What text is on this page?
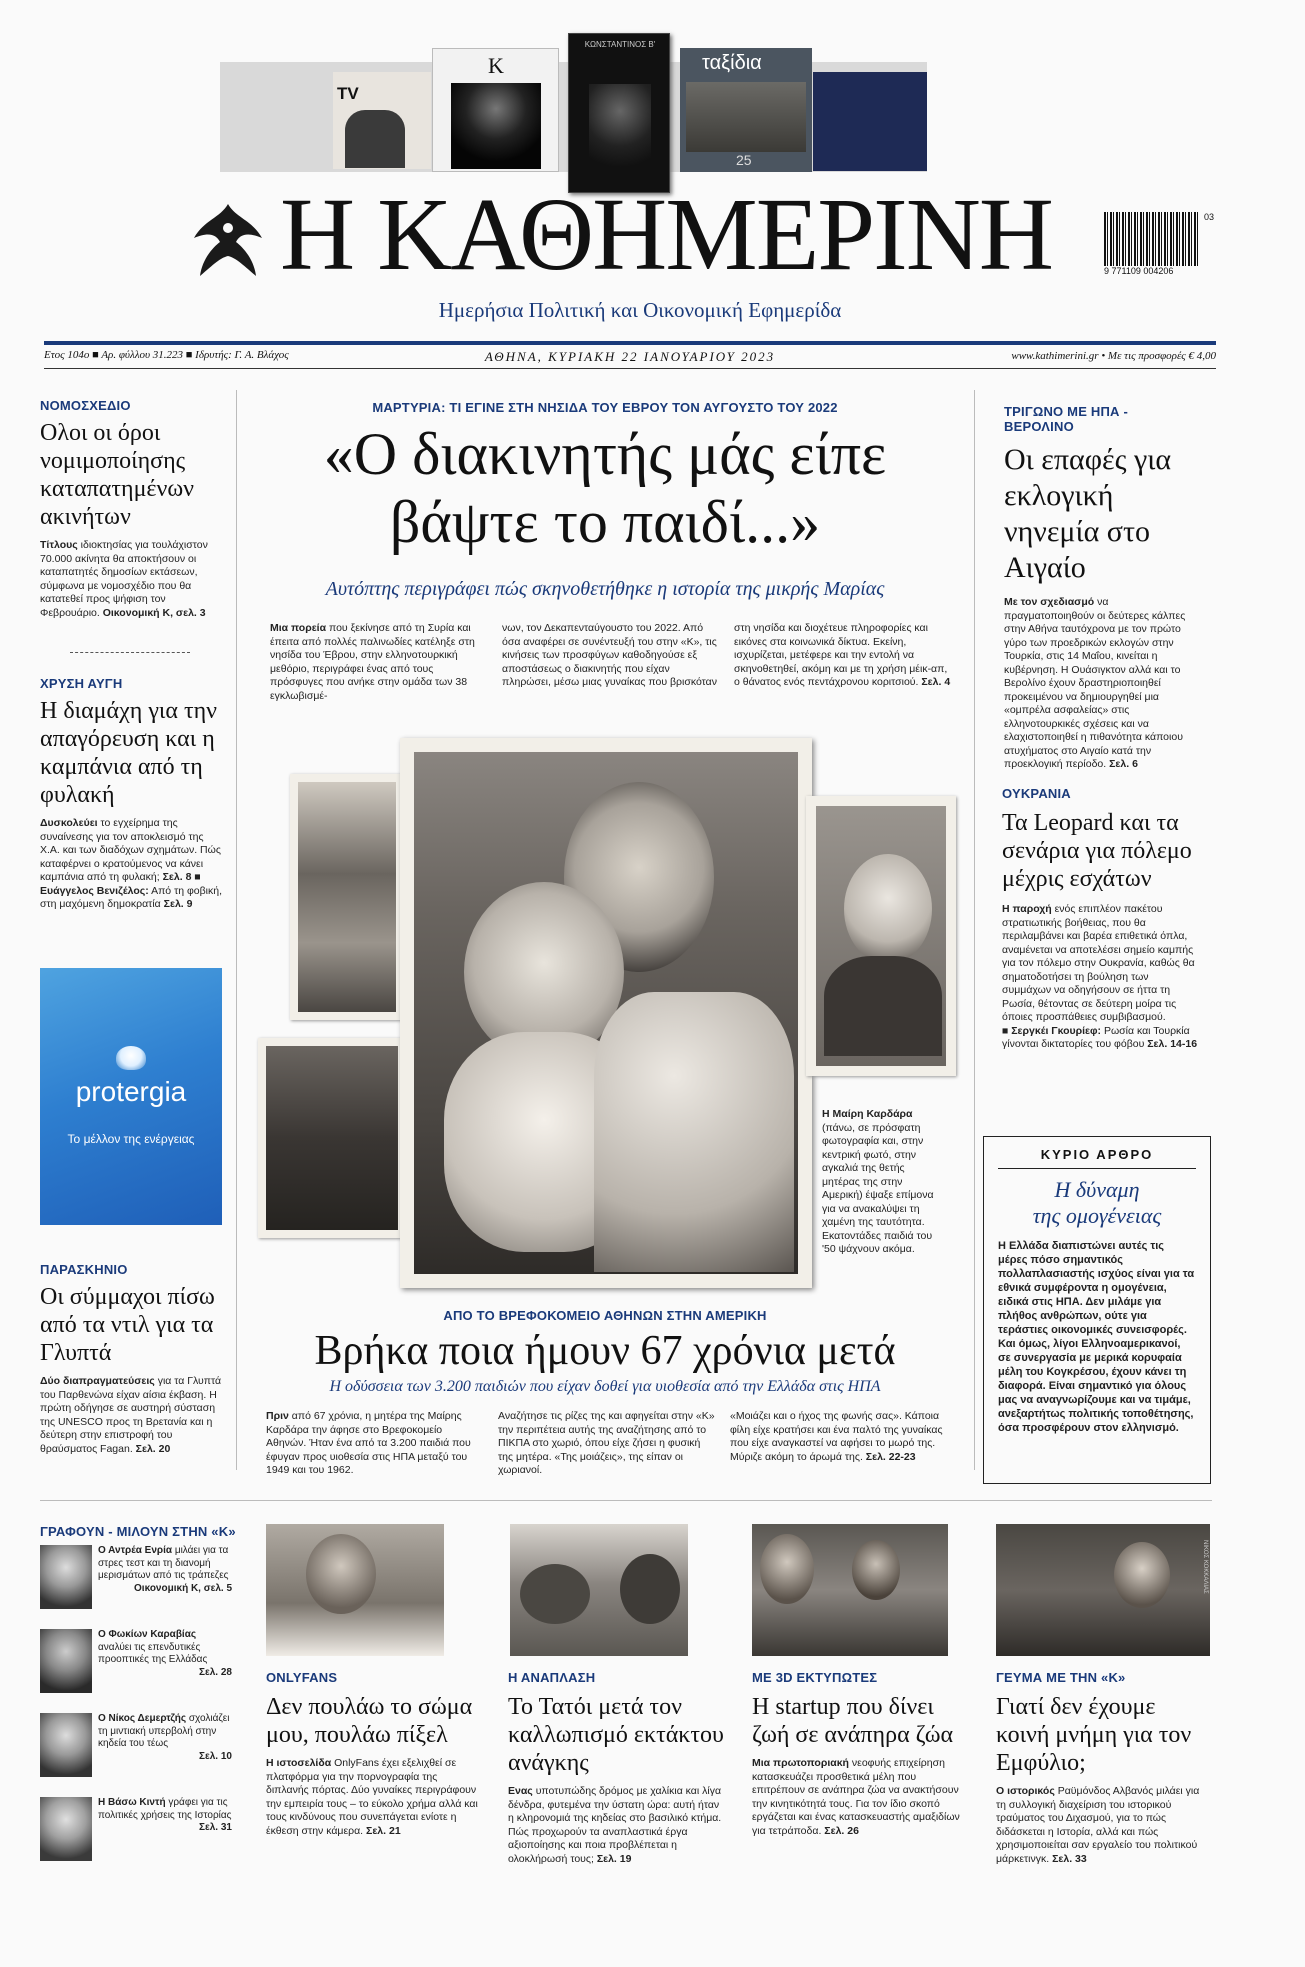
TV
K
ΚΩΝΣΤΑΝΤΙΝΟΣ Β'
ταξίδια
25
Η ΚΑΘΗΜΕΡΙΝΗ	9 771109 004206
03
Ημερήσια Πολιτική και Οικονομική Εφημερίδα
Ετος 104ο ■ Αρ. φύλλου 31.223 ■ Ιδρυτής: Γ. Α. Βλάχος	ΑΘΗΝΑ, ΚΥΡΙΑΚΗ 22 ΙΑΝΟΥΑΡΙΟΥ 2023	www.kathimerini.gr • Με τις προσφορές € 4,00
ΝΟΜΟΣΧΕΔΙΟ
Ολοι οι όροι νομιμοποίησης καταπατημένων ακινήτων
Τίτλους ιδιοκτησίας για τουλάχιστον 70.000 ακίνητα θα αποκτήσουν οι καταπατητές δημοσίων εκτάσεων, σύμφωνα με νομοσχέδιο που θα κατατεθεί προς ψήφιση τον Φεβρουάριο. Οικονομική Κ, σελ. 3
ΧΡΥΣΗ ΑΥΓΗ
Η διαμάχη για την απαγόρευση και η καμπάνια από τη φυλακή
Δυσκολεύει το εγχείρημα της συναίνεσης για τον αποκλεισμό της Χ.Α. και των διαδόχων σχημάτων. Πώς καταφέρνει ο κρατούμενος να κάνει καμπάνια από τη φυλακή; Σελ. 8 ■ Ευάγγελος Βενιζέλος: Από τη φοβική, στη μαχόμενη δημοκρατία Σελ. 9
protergia
Το μέλλον της ενέργειας
ΠΑΡΑΣΚΗΝΙΟ
Οι σύμμαχοι πίσω από τα ντιλ για τα Γλυπτά
Δύο διαπραγματεύσεις για τα Γλυπτά του Παρθενώνα είχαν αίσια έκβαση. Η πρώτη οδήγησε σε αυστηρή σύσταση της UNESCO προς τη Βρετανία και η δεύτερη στην επιστροφή του θραύσματος Fagan. Σελ. 20
ΜΑΡΤΥΡΙΑ: ΤΙ ΕΓΙΝΕ ΣΤΗ ΝΗΣΙΔΑ ΤΟΥ ΕΒΡΟΥ ΤΟΝ ΑΥΓΟΥΣΤΟ ΤΟΥ 2022
«Ο διακινητής μάς είπε
βάψτε το παιδί...»
Αυτόπτης περιγράφει πώς σκηνοθετήθηκε η ιστορία της μικρής Μαρίας
Μια πορεία που ξεκίνησε από τη Συρία και έπειτα από πολλές παλινωδίες κατέληξε στη νησίδα του Έβρου, στην ελληνοτουρκική μεθόριο, περιγράφει ένας από τους πρόσφυγες που ανήκε στην ομάδα των 38 εγκλωβισμέ-
νων, τον Δεκαπενταύγουστο του 2022. Από όσα αναφέρει σε συνέντευξή του στην «Κ», τις κινήσεις των προσφύγων καθοδηγούσε εξ αποστάσεως ο διακινητής που είχαν πληρώσει, μέσω μιας γυναίκας που βρισκόταν
στη νησίδα και διοχέτευε πληροφορίες και εικόνες στα κοινωνικά δίκτυα. Εκείνη, ισχυρίζεται, μετέφερε και την εντολή να σκηνοθετηθεί, ακόμη και με τη χρήση μέικ-απ, ο θάνατος ενός πεντάχρονου κοριτσιού. Σελ. 4
Η Μαίρη Καρδάρα
(πάνω, σε πρόσφατη φωτογραφία και, στην κεντρική φωτό, στην αγκαλιά της θετής μητέρας της στην Αμερική) έψαξε επίμονα για να ανακαλύψει τη χαμένη της ταυτότητα. Εκατοντάδες παιδιά του '50 ψάχνουν ακόμα.
ΑΠΟ ΤΟ ΒΡΕΦΟΚΟΜΕΙΟ ΑΘΗΝΩΝ ΣΤΗΝ ΑΜΕΡΙΚΗ
Βρήκα ποια ήμουν 67 χρόνια μετά
Η οδύσσεια των 3.200 παιδιών που είχαν δοθεί για υιοθεσία από την Ελλάδα στις ΗΠΑ
Πριν από 67 χρόνια, η μητέρα της Μαίρης Καρδάρα την άφησε στο Βρεφοκομείο Αθηνών. Ήταν ένα από τα 3.200 παιδιά που έφυγαν προς υιοθεσία στις ΗΠΑ μεταξύ του 1949 και του 1962.
Αναζήτησε τις ρίζες της και αφηγείται στην «Κ» την περιπέτεια αυτής της αναζήτησης από το ΠΙΚΠΑ στο χωριό, όπου είχε ζήσει η φυσική της μητέρα. «Της μοιάζεις», της είπαν οι χωριανοί.
«Μοιάζει και ο ήχος της φωνής σας». Κάποια φίλη είχε κρατήσει και ένα παλτό της γυναίκας που είχε αναγκαστεί να αφήσει το μωρό της. Μύριζε ακόμη το άρωμά της. Σελ. 22-23
ΤΡΙΓΩΝΟ ΜΕ ΗΠΑ - ΒΕΡΟΛΙΝΟ
Οι επαφές για εκλογική νηνεμία στο Αιγαίο
Με τον σχεδιασμό να πραγματοποιηθούν οι δεύτερες κάλπες στην Αθήνα ταυτόχρονα με τον πρώτο γύρο των προεδρικών εκλογών στην Τουρκία, στις 14 Μαΐου, κινείται η κυβέρνηση. Η Ουάσιγκτον αλλά και το Βερολίνο έχουν δραστηριοποιηθεί προκειμένου να δημιουργηθεί μια «ομπρέλα ασφαλείας» στις ελληνοτουρκικές σχέσεις και να ελαχιστοποιηθεί η πιθανότητα κάποιου ατυχήματος στο Αιγαίο κατά την προεκλογική περίοδο. Σελ. 6
ΟΥΚΡΑΝΙΑ
Τα Leopard και τα σενάρια για πόλεμο μέχρις εσχάτων
Η παροχή ενός επιπλέον πακέτου στρατιωτικής βοήθειας, που θα περιλαμβάνει και βαρέα επιθετικά όπλα, αναμένεται να αποτελέσει σημείο καμπής για τον πόλεμο στην Ουκρανία, καθώς θα σηματοδοτήσει τη βούληση των συμμάχων να οδηγήσουν σε ήττα τη Ρωσία, θέτοντας σε δεύτερη μοίρα τις όποιες προσπάθειες συμβιβασμού.
■ Σεργκέι Γκουρίεφ: Ρωσία και Τουρκία γίνονται δικτατορίες του φόβου Σελ. 14-16
ΚΥΡΙΟ ΑΡΘΡΟ
Η δύναμη
της ομογένειας
Η Ελλάδα διαπιστώνει αυτές τις μέρες πόσο σημαντικός πολλαπλασιαστής ισχύος είναι για τα εθνικά συμφέροντα η ομογένεια, ειδικά στις ΗΠΑ. Δεν μιλάμε για πλήθος ανθρώπων, ούτε για τεράστιες οικονομικές συνεισφορές. Και όμως, λίγοι Ελληνοαμερικανοί, σε συνεργασία με μερικά κορυφαία μέλη του Κογκρέσου, έχουν κάνει τη διαφορά. Είναι σημαντικό για όλους μας να αναγνωρίζουμε και να τιμάμε, ανεξαρτήτως πολιτικής τοποθέτησης, όσα προσφέρουν στον ελληνισμό.
ΓΡΑΦΟΥΝ - ΜΙΛΟΥΝ ΣΤΗΝ «Κ»
Ο Αντρέα Ενρία μιλάει για τα στρες τεστ και τη διανομή μερισμάτων από τις τράπεζες
Οικονομική Κ, σελ. 5
Ο Φωκίων Καραβίας αναλύει τις επενδυτικές προοπτικές της Ελλάδας
Σελ. 28
Ο Νίκος Δεμερτζής σχολιάζει τη μιντιακή υπερβολή στην κηδεία του τέως
Σελ. 10
Η Βάσω Κιντή γράφει για τις πολιτικές χρήσεις της Ιστορίας
Σελ. 31
ONLYFANS
Δεν πουλάω το σώμα μου, πουλάω πίξελ
Η ιστοσελίδα OnlyFans έχει εξελιχθεί σε πλατφόρμα για την πορνογραφία της διπλανής πόρτας. Δύο γυναίκες περιγράφουν την εμπειρία τους – το εύκολο χρήμα αλλά και τους κινδύνους που συνεπάγεται ενίοτε η έκθεση στην κάμερα. Σελ. 21
Η ΑΝΑΠΛΑΣΗ
Το Τατόι μετά τον καλλωπισμό εκτάκτου ανάγκης
Ενας υποτυπώδης δρόμος με χαλίκια και λίγα δένδρα, φυτεμένα την ύστατη ώρα: αυτή ήταν η κληρονομιά της κηδείας στο βασιλικό κτήμα. Πώς προχωρούν τα αναπλαστικά έργα αξιοποίησης και ποια προβλέπεται η ολοκλήρωσή τους; Σελ. 19
ΜΕ 3D ΕΚΤΥΠΩΤΕΣ
Η startup που δίνει ζωή σε ανάπηρα ζώα
Μια πρωτοποριακή νεοφυής επιχείρηση κατασκευάζει προσθετικά μέλη που επιτρέπουν σε ανάπηρα ζώα να ανακτήσουν την κινητικότητά τους. Για τον ίδιο σκοπό εργάζεται και ένας κατασκευαστής αμαξιδίων για τετράποδα. Σελ. 26
ΝΙΚΟΣ ΚΟΚΚΑΛΙΑΣ
ΓΕΥΜΑ ΜΕ ΤΗΝ «Κ»
Γιατί δεν έχουμε κοινή μνήμη για τον Εμφύλιο;
Ο ιστορικός Ραϋμόνδος Αλβανός μιλάει για τη συλλογική διαχείριση του ιστορικού τραύματος του Διχασμού, για το πώς διδάσκεται η Ιστορία, αλλά και πώς χρησιμοποιείται σαν εργαλείο του πολιτικού μάρκετινγκ. Σελ. 33
